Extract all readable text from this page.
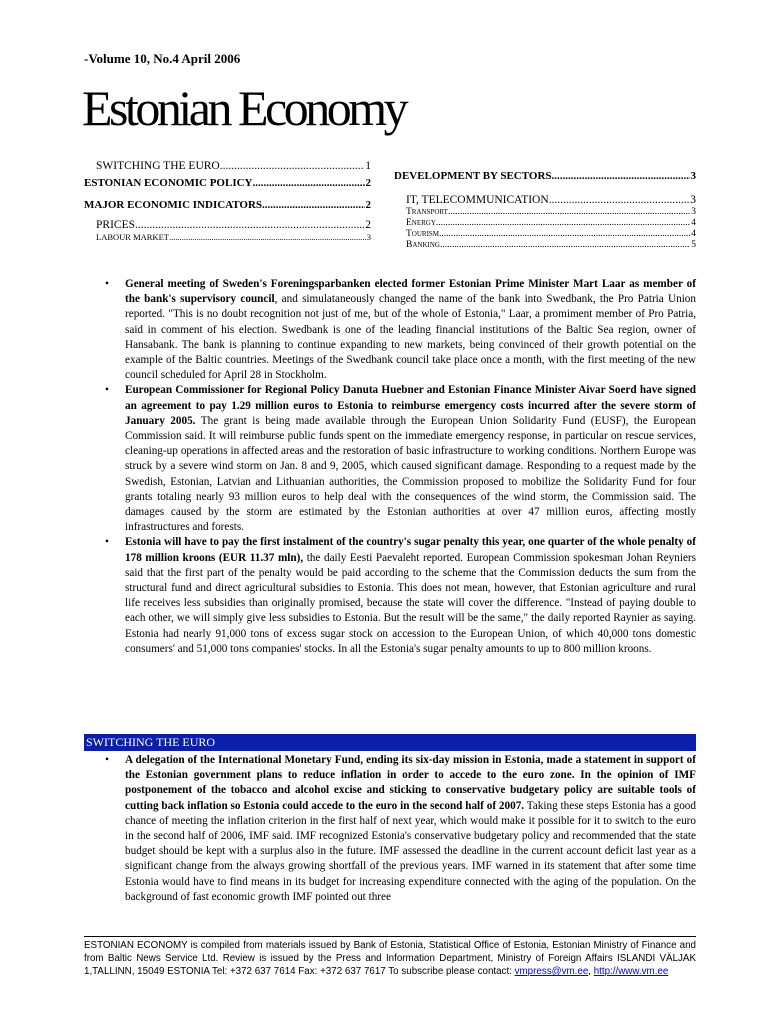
-Volume 10, No.4 April 2006
Estonian Economy
SWITCHING THE EURO .....	1
ESTONIAN ECONOMIC POLICY .....	2
MAJOR ECONOMIC INDICATORS .....	2
PRICES .....	2
LABOUR MARKET .....	3
DEVELOPMENT BY SECTORS .....	3
IT, TELECOMMUNICATION .....	3
Transport .....	3
Energy .....	4
Tourism .....	4
Banking .....	5
• General meeting of Sweden's Foreningsparbanken elected former Estonian Prime Minister Mart Laar as member of the bank's supervisory council, and simulataneously changed the name of the bank into Swedbank, the Pro Patria Union reported. "This is no doubt recognition not just of me, but of the whole of Estonia," Laar, a promiment member of Pro Patria, said in comment of his election. Swedbank is one of the leading financial institutions of the Baltic Sea region, owner of Hansabank. The bank is planning to continue expanding to new markets, being convinced of their growth potential on the example of the Baltic countries. Meetings of the Swedbank council take place once a month, with the first meeting of the new council scheduled for April 28 in Stockholm.
• European Commissioner for Regional Policy Danuta Huebner and Estonian Finance Minister Aivar Soerd have signed an agreement to pay 1.29 million euros to Estonia to reimburse emergency costs incurred after the severe storm of January 2005. The grant is being made available through the European Union Solidarity Fund (EUSF), the European Commission said. It will reimburse public funds spent on the immediate emergency response, in particular on rescue services, cleaning-up operations in affected areas and the restoration of basic infrastructure to working conditions. Northern Europe was struck by a severe wind storm on Jan. 8 and 9, 2005, which caused significant damage. Responding to a request made by the Swedish, Estonian, Latvian and Lithuanian authorities, the Commission proposed to mobilize the Solidarity Fund for four grants totaling nearly 93 million euros to help deal with the consequences of the wind storm, the Commission said. The damages caused by the storm are estimated by the Estonian authorities at over 47 million euros, affecting mostly infrastructures and forests.
• Estonia will have to pay the first instalment of the country's sugar penalty this year, one quarter of the whole penalty of 178 million kroons (EUR 11.37 mln), the daily Eesti Paevaleht reported. European Commission spokesman Johan Reyniers said that the first part of the penalty would be paid according to the scheme that the Commission deducts the sum from the structural fund and direct agricultural subsidies to Estonia. This does not mean, however, that Estonian agriculture and rural life receives less subsidies than originally promised, because the state will cover the difference. "Instead of paying double to each other, we will simply give less subsidies to Estonia. But the result will be the same," the daily reported Raynier as saying. Estonia had nearly 91,000 tons of excess sugar stock on accession to the European Union, of which 40,000 tons domestic consumers' and 51,000 tons companies' stocks. In all the Estonia's sugar penalty amounts to up to 800 million kroons.
SWITCHING THE EURO
• A delegation of the International Monetary Fund, ending its six-day mission in Estonia, made a statement in support of the Estonian government plans to reduce inflation in order to accede to the euro zone. In the opinion of IMF postponement of the tobacco and alcohol excise and sticking to conservative budgetary policy are suitable tools of cutting back inflation so Estonia could accede to the euro in the second half of 2007. Taking these steps Estonia has a good chance of meeting the inflation criterion in the first half of next year, which would make it possible for it to switch to the euro in the second half of 2006, IMF said. IMF recognized Estonia's conservative budgetary policy and recommended that the state budget should be kept with a surplus also in the future. IMF assessed the deadline in the current account deficit last year as a significant change from the always growing shortfall of the previous years. IMF warned in its statement that after some time Estonia would have to find means in its budget for increasing expenditure connected with the aging of the population. On the background of fast economic growth IMF pointed out three
ESTONIAN ECONOMY is compiled from materials issued by Bank of Estonia, Statistical Office of Estonia, Estonian Ministry of Finance and from Baltic News Service Ltd. Review is issued by the Press and Information Department, Ministry of Foreign Affairs ISLANDI VÄLJAK 1,TALLINN, 15049 ESTONIA Tel: +372 637 7614 Fax: +372 637 7617 To subscribe please contact: vmpress@vm.ee, http://www.vm.ee
